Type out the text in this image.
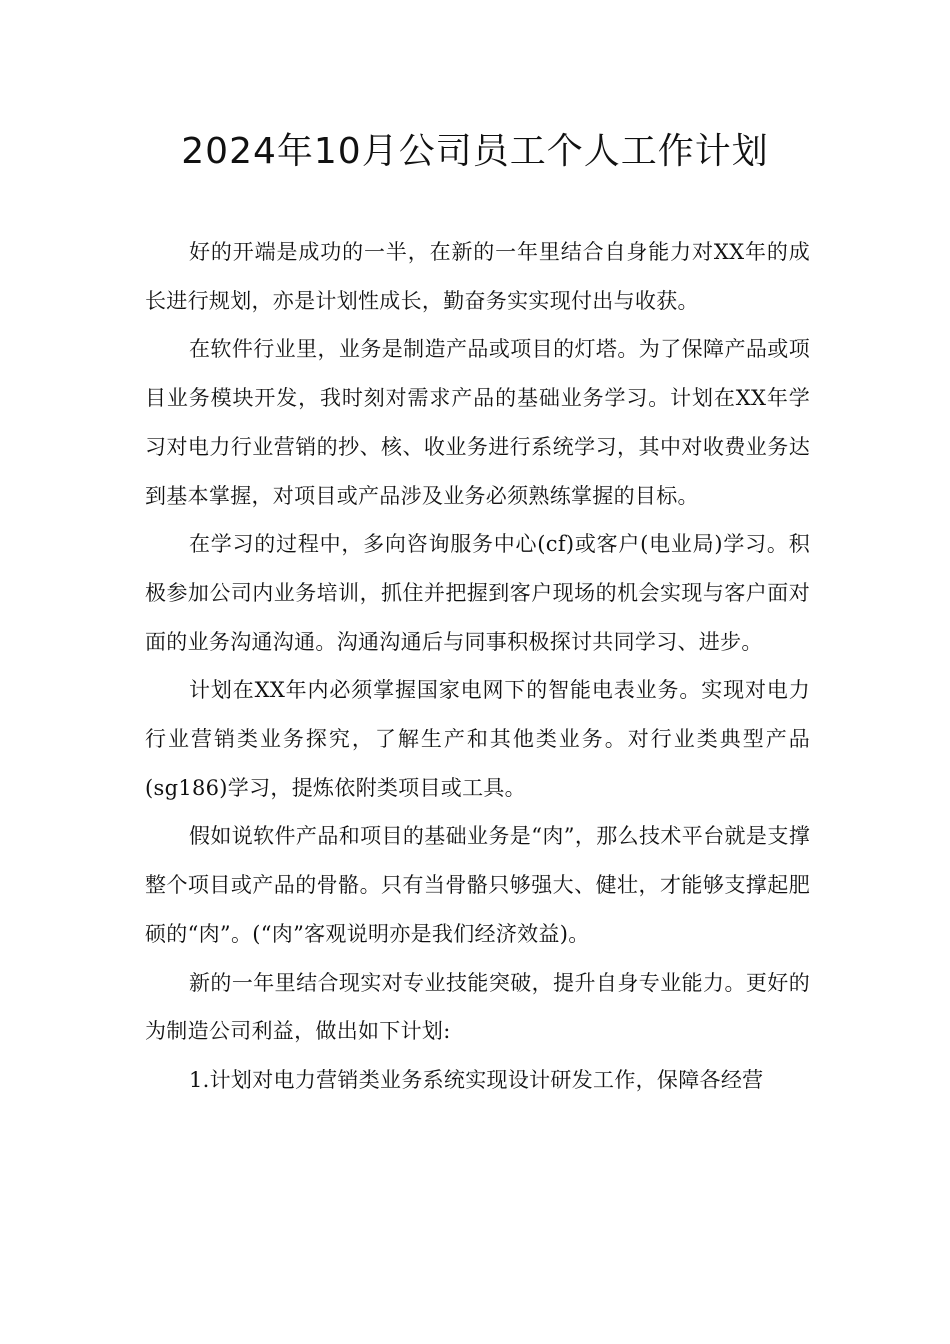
2024年10月公司员工个人工作计划

好的开端是成功的一半，在新的一年里结合自身能力对XX年的成长进行规划，亦是计划性成长，勤奋务实实现付出与收获。

在软件行业里，业务是制造产品或项目的灯塔。为了保障产品或项目业务模块开发，我时刻对需求产品的基础业务学习。计划在XX年学习对电力行业营销的抄、核、收业务进行系统学习，其中对收费业务达到基本掌握，对项目或产品涉及业务必须熟练掌握的目标。

在学习的过程中，多向咨询服务中心(cf)或客户(电业局)学习。积极参加公司内业务培训，抓住并把握到客户现场的机会实现与客户面对面的业务沟通沟通。沟通沟通后与同事积极探讨共同学习、进步。

计划在XX年内必须掌握国家电网下的智能电表业务。实现对电力行业营销类业务探究，了解生产和其他类业务。对行业类典型产品(sg186)学习，提炼依附类项目或工具。

假如说软件产品和项目的基础业务是“肉”，那么技术平台就是支撑整个项目或产品的骨骼。只有当骨骼只够强大、健壮，才能够支撑起肥硕的“肉”。(“肉”客观说明亦是我们经济效益)。

新的一年里结合现实对专业技能突破，提升自身专业能力。更好的为制造公司利益，做出如下计划:

1.计划对电力营销类业务系统实现设计研发工作，保障各经营
